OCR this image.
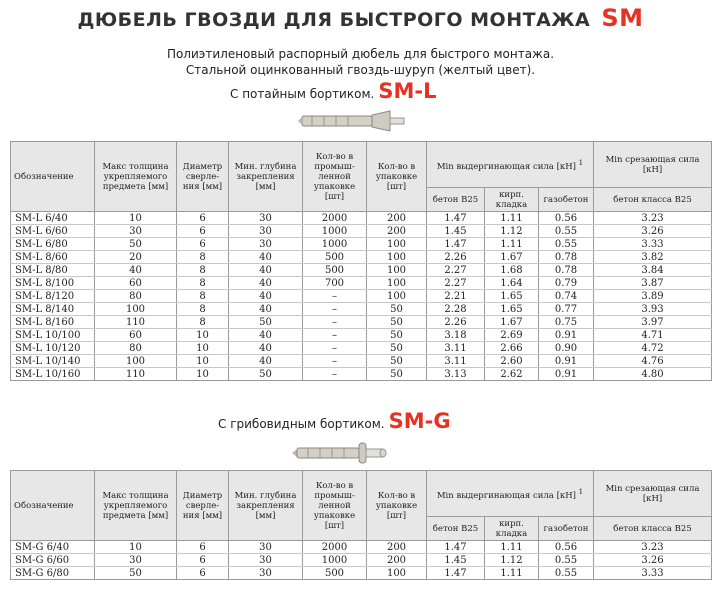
ДЮБЕЛЬ ГВОЗДИ ДЛЯ БЫСТРОГО МОНТАЖА SM
Полиэтиленовый распорный дюбель для быстрого монтажа.
Стальной оцинкованный гвоздь-шуруп (желтый цвет).
С потайным бортиком. SM-L
Обозначение	Макс толщина укрепляемого предмета [мм]	Диаметр сверле-ния [мм]	Мин. глубина закрепления [мм]	Кол-во в промыш-ленной упаковке [шт]	Кол-во в упаковке [шт]	Min выдергинающая сила [кН] $^1$			Min срезающая сила [кН]
						бетон B25	кирп. кладка	газобетон	бетон класса B25
SM-L 6/40	10	6	30	2000	200	1.47	1.11	0.56	3.23
SM-L 6/60	30	6	30	1000	200	1.45	1.12	0.55	3.26
SM-L 6/80	50	6	30	1000	100	1.47	1.11	0.55	3.33
SM-L 8/60	20	8	40	500	100	2.26	1.67	0.78	3.82
SM-L 8/80	40	8	40	500	100	2.27	1.68	0.78	3.84
SM-L 8/100	60	8	40	700	100	2.27	1.64	0.79	3.87
SM-L 8/120	80	8	40	–	100	2.21	1.65	0.74	3.89
SM-L 8/140	100	8	40	–	50	2.28	1.65	0.77	3.93
SM-L 8/160	110	8	50	–	50	2.26	1.67	0.75	3.97
SM-L 10/100	60	10	40	–	50	3.18	2.69	0.91	4.71
SM-L 10/120	80	10	40	–	50	3.11	2.66	0.90	4.72
SM-L 10/140	100	10	40	–	50	3.11	2.60	0.91	4.76
SM-L 10/160	110	10	50	–	50	3.13	2.62	0.91	4.80
С грибовидным бортиком. SM-G
Обозначение	Макс толщина укрепляемого предмета [мм]	Диаметр сверле-ния [мм]	Мин. глубина закрепления [мм]	Кол-во в промыш-ленной упаковке [шт]	Кол-во в упаковке [шт]	Min выдергинающая сила [кН] $^1$			Min срезающая сила [кН]
						бетон B25	кирп. кладка	газобетон	бетон класса B25
SM-G 6/40	10	6	30	2000	200	1.47	1.11	0.56	3.23
SM-G 6/60	30	6	30	1000	200	1.45	1.12	0.55	3.26
SM-G 6/80	50	6	30	500	100	1.47	1.11	0.55	3.33
